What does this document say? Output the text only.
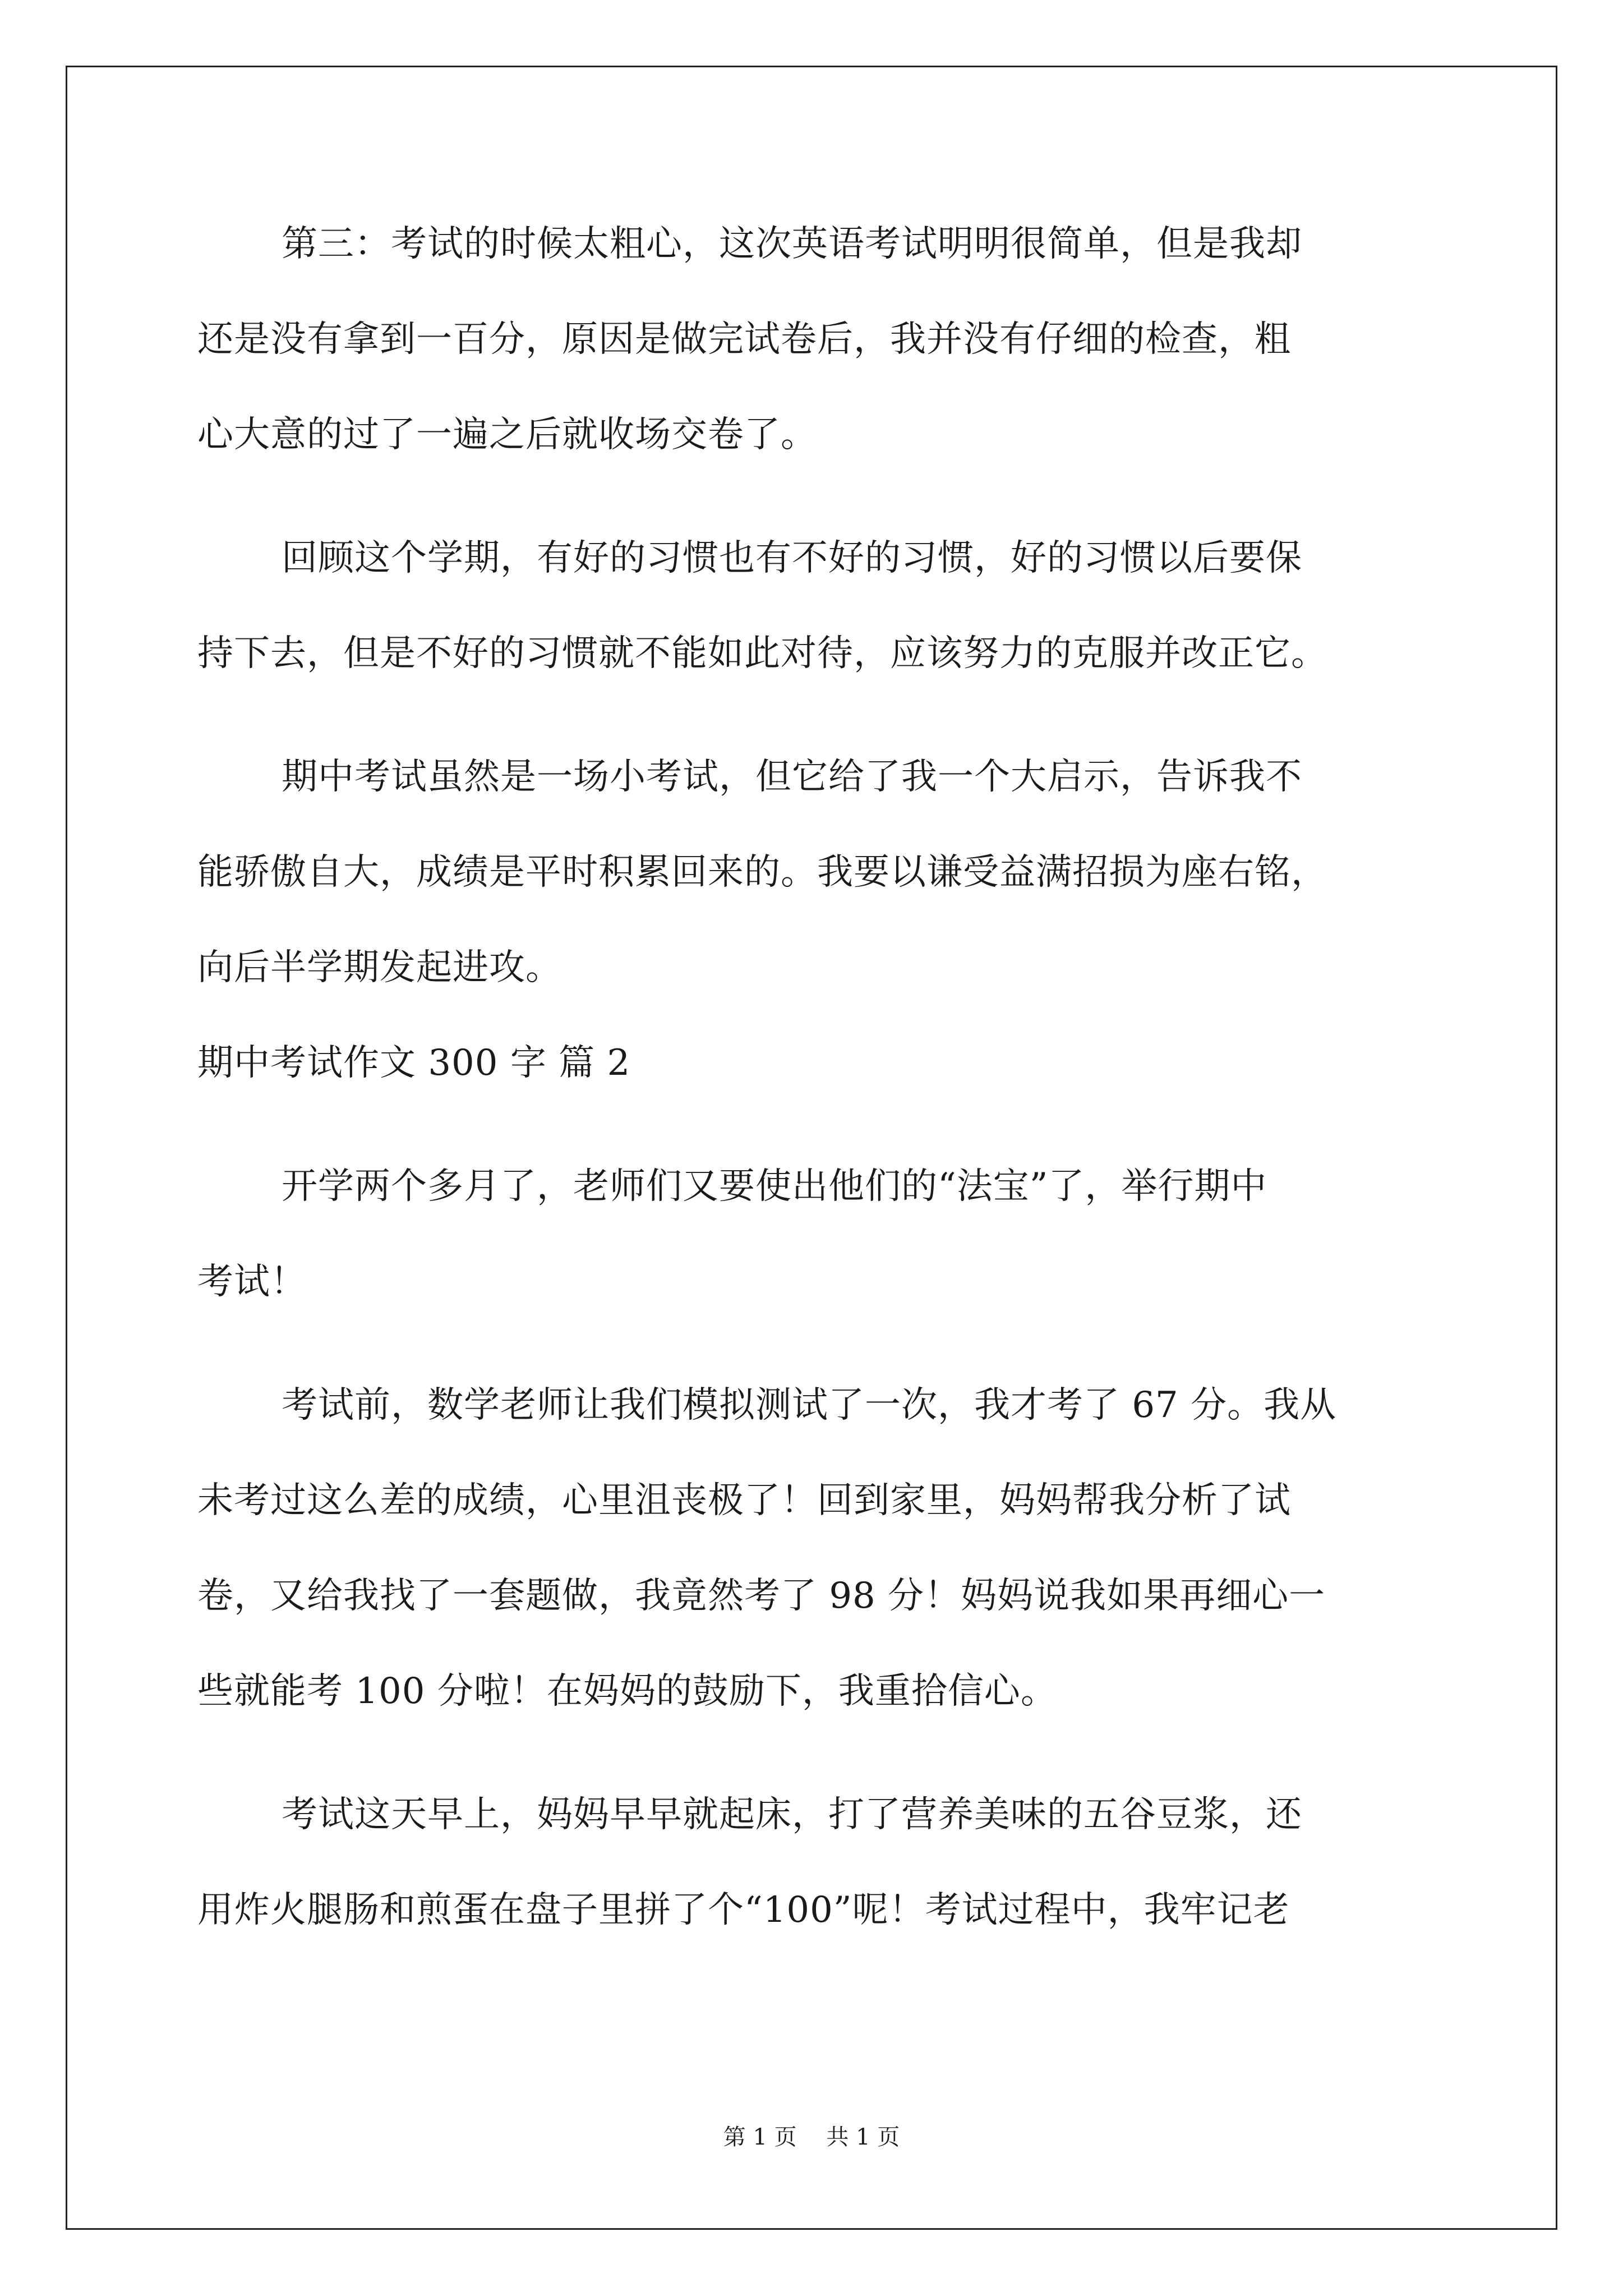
第三：考试的时候太粗心，这次英语考试明明很简单，但是我却
还是没有拿到一百分，原因是做完试卷后，我并没有仔细的检查，粗
心大意的过了一遍之后就收场交卷了。
回顾这个学期，有好的习惯也有不好的习惯，好的习惯以后要保
持下去，但是不好的习惯就不能如此对待，应该努力的克服并改正它。
期中考试虽然是一场小考试，但它给了我一个大启示，告诉我不
能骄傲自大，成绩是平时积累回来的。我要以谦受益满招损为座右铭，
向后半学期发起进攻。
期中考试作文 300 字 篇 2
开学两个多月了，老师们又要使出他们的“法宝”了，举行期中
考试！
考试前，数学老师让我们模拟测试了一次，我才考了 67 分。我从
未考过这么差的成绩，心里沮丧极了！回到家里，妈妈帮我分析了试
卷，又给我找了一套题做，我竟然考了 98 分！妈妈说我如果再细心一
些就能考 100 分啦！在妈妈的鼓励下，我重拾信心。
考试这天早上，妈妈早早就起床，打了营养美味的五谷豆浆，还
用炸火腿肠和煎蛋在盘子里拼了个“100”呢！考试过程中，我牢记老
第 1 页 共 1 页
